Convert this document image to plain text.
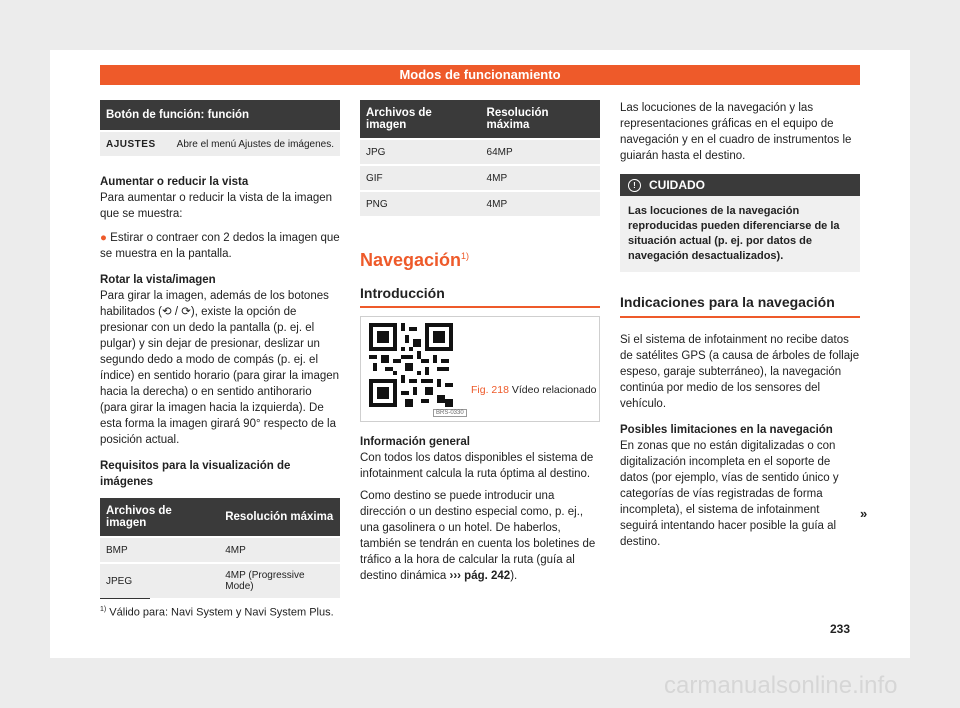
Modos de funcionamiento
Botón de función: función
AJUSTES	Abre el menú Ajustes de imágenes.
Aumentar o reducir la vista

Para aumentar o reducir la vista de la imagen que se muestra:

● Estirar o contraer con 2 dedos la imagen que se muestra en la pantalla.

Rotar la vista/imagen

Para girar la imagen, además de los botones habilitados (⟲ / ⟳), existe la opción de presionar con un dedo la pantalla (p. ej. el pulgar) y sin dejar de presionar, deslizar un segundo dedo a modo de compás (p. ej. el índice) en sentido horario (para girar la imagen hacia la derecha) o en sentido antihorario (para girar la imagen hacia la izquierda). De esta forma la imagen girará 90° respecto de la posición actual.

Requisitos para la visualización de imágenes
Archivos de imagen	Resolución máxima
BMP	4MP
JPEG	4MP (Progressive Mode)
Archivos de imagen	Resolución máxima
JPG	64MP
GIF	4MP
PNG	4MP
Navegación$^{1)}$
Introducción
BRS-0330
Fig. 218 Vídeo relacionado
Información general

Con todos los datos disponibles el sistema de infotainment calcula la ruta óptima al destino.

Como destino se puede introducir una dirección o un destino especial como, p. ej., una gasolinera o un hotel. De haberlos, también se tendrán en cuenta los boletines de tráfico a la hora de calcular la ruta (guía al destino dinámica ››› pág. 242).

Las locuciones de la navegación y las representaciones gráficas en el equipo de navegación y en el cuadro de instrumentos le guiarán hasta el destino.

!	CUIDADO
Las locuciones de la navegación reproducidas pueden diferenciarse de la situación actual (p. ej. por datos de navegación desactualizados).
Indicaciones para la navegación

Si el sistema de infotainment no recibe datos de satélites GPS (a causa de árboles de follaje espeso, garaje subterráneo), la navegación continúa por medio de los sensores del vehículo.

Posibles limitaciones en la navegación

En zonas que no están digitalizadas o con digitalización incompleta en el soporte de datos (por ejemplo, vías de sentido único y categorías de vías registradas de forma incompleta), el sistema de infotainment seguirá intentando hacer posible la guía al destino.

»
$^{1)}$ Válido para: Navi System y Navi System Plus.
233
carmanualsonline.info
